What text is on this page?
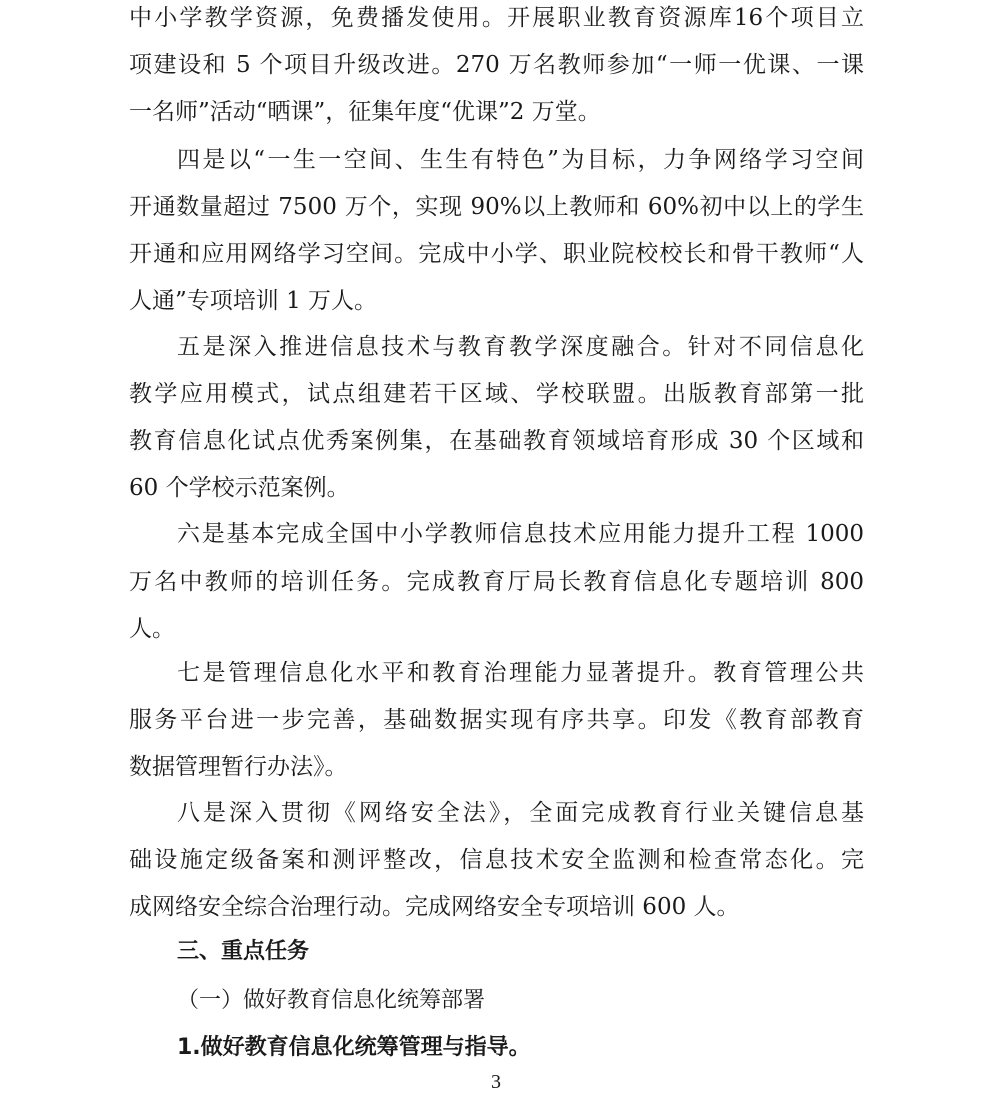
中小学教学资源，免费播发使用。开展职业教育资源库16个项目立
项建设和 5 个项目升级改进。270 万名教师参加“一师一优课、一课
一名师”活动“晒课”，征集年度“优课”2 万堂。
四是以“一生一空间、生生有特色”为目标，力争网络学习空间
开通数量超过 7500 万个，实现 90%以上教师和 60%初中以上的学生
开通和应用网络学习空间。完成中小学、职业院校校长和骨干教师“人
人通”专项培训 1 万人。
五是深入推进信息技术与教育教学深度融合。针对不同信息化
教学应用模式，试点组建若干区域、学校联盟。出版教育部第一批
教育信息化试点优秀案例集，在基础教育领域培育形成 30 个区域和
60 个学校示范案例。
六是基本完成全国中小学教师信息技术应用能力提升工程 1000
万名中教师的培训任务。完成教育厅局长教育信息化专题培训 800
人。
七是管理信息化水平和教育治理能力显著提升。教育管理公共
服务平台进一步完善，基础数据实现有序共享。印发《教育部教育
数据管理暂行办法》。
八是深入贯彻《网络安全法》，全面完成教育行业关键信息基
础设施定级备案和测评整改，信息技术安全监测和检查常态化。完
成网络安全综合治理行动。完成网络安全专项培训 600 人。
三、重点任务
（一）做好教育信息化统筹部署
1.做好教育信息化统筹管理与指导。
3
